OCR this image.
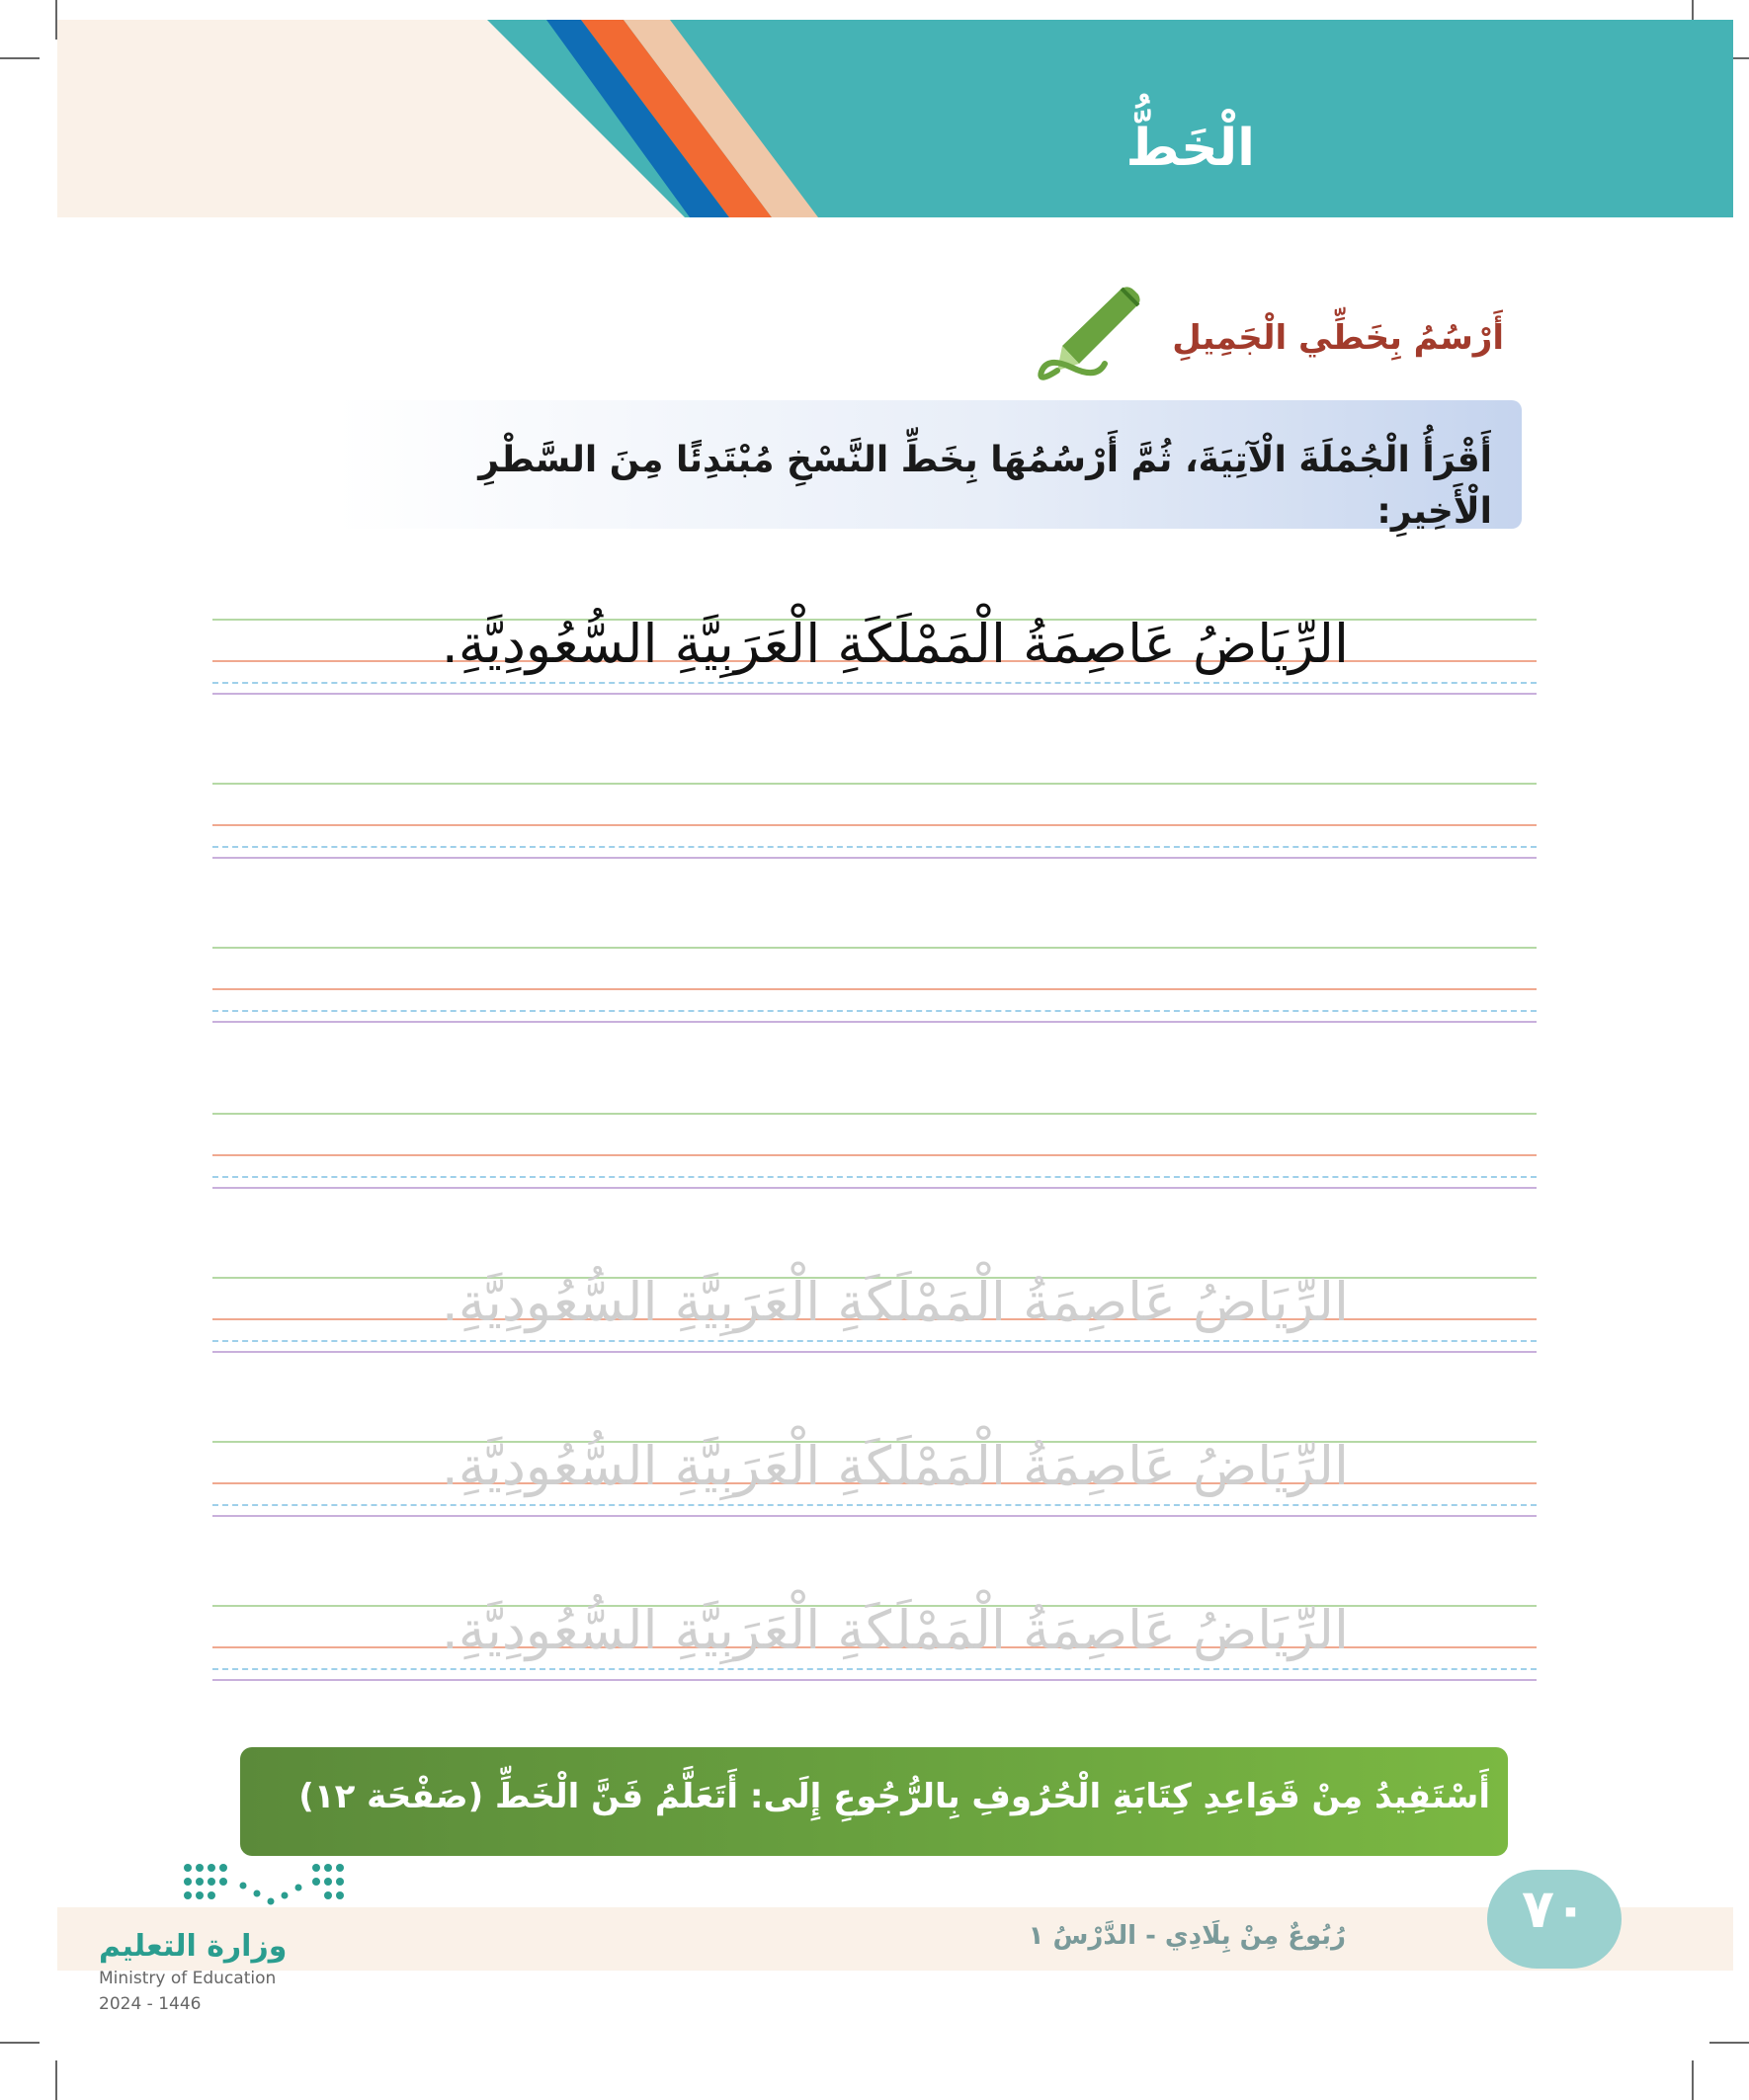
الْخَطُّ
أَرْسُمُ بِخَطِّي الْجَمِيلِ
أَقْرَأُ الْجُمْلَةَ الْآتِيَةَ، ثُمَّ أَرْسُمُهَا بِخَطِّ النَّسْخِ مُبْتَدِئًا مِنَ السَّطْرِ الْأَخِيرِ:
الرِّيَاضُ عَاصِمَةُ الْمَمْلَكَةِ الْعَرَبِيَّةِ السُّعُودِيَّةِ.
الرِّيَاضُ عَاصِمَةُ الْمَمْلَكَةِ الْعَرَبِيَّةِ السُّعُودِيَّةِ.
الرِّيَاضُ عَاصِمَةُ الْمَمْلَكَةِ الْعَرَبِيَّةِ السُّعُودِيَّةِ.
الرِّيَاضُ عَاصِمَةُ الْمَمْلَكَةِ الْعَرَبِيَّةِ السُّعُودِيَّةِ.
أَسْتَفِيدُ مِنْ قَوَاعِدِ كِتَابَةِ الْحُرُوفِ بِالرُّجُوعِ إِلَى: أَتَعَلَّمُ فَنَّ الْخَطِّ (صَفْحَة ١٢)
٧٠
رُبُوعٌ مِنْ بِلَادِي - الدَّرْسُ ١
وزارة التعليم
Ministry of Education
2024 - 1446
